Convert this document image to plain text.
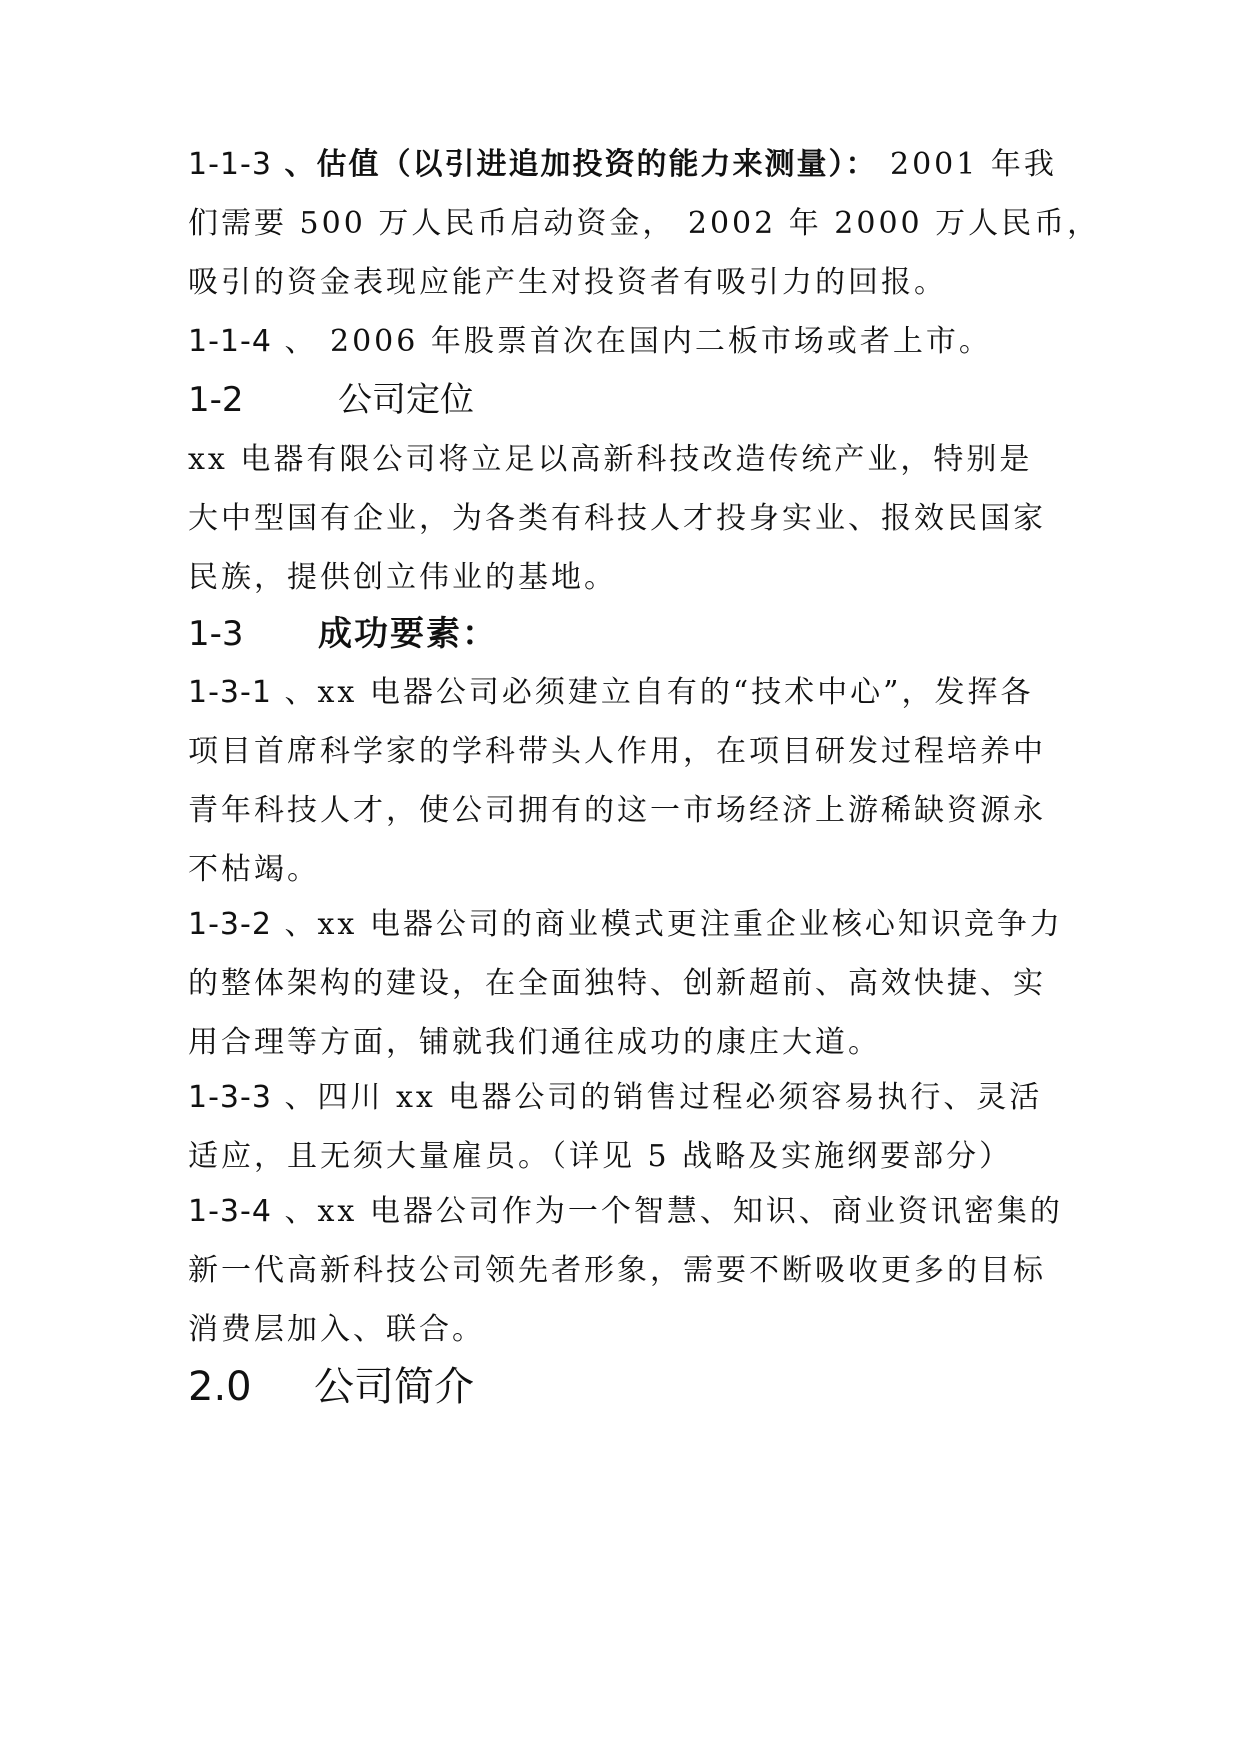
1-1-3 、估值（以引进追加投资的能力来测量）： 2001 年我
们需要 500 万人民币启动资金， 2002 年 2000 万人民币，
吸引的资金表现应能产生对投资者有吸引力的回报。
1-1-4 、 2006 年股票首次在国内二板市场或者上市。
1-2	公司定位
xx 电器有限公司将立足以高新科技改造传统产业，特别是
大中型国有企业，为各类有科技人才投身实业、报效民国家
民族，提供创立伟业的基地。
1-3 成功要素：
1-3-1 、xx 电器公司必须建立自有的“技术中心”，发挥各
项目首席科学家的学科带头人作用，在项目研发过程培养中
青年科技人才，使公司拥有的这一市场经济上游稀缺资源永
不枯竭。
1-3-2 、xx 电器公司的商业模式更注重企业核心知识竞争力
的整体架构的建设，在全面独特、创新超前、高效快捷、实
用合理等方面，铺就我们通往成功的康庄大道。
1-3-3 、四川 xx 电器公司的销售过程必须容易执行、灵活
适应，且无须大量雇员。（详见 5 战略及实施纲要部分）
1-3-4 、xx 电器公司作为一个智慧、知识、商业资讯密集的
新一代高新科技公司领先者形象，需要不断吸收更多的目标
消费层加入、联合。
2.0 公司简介
